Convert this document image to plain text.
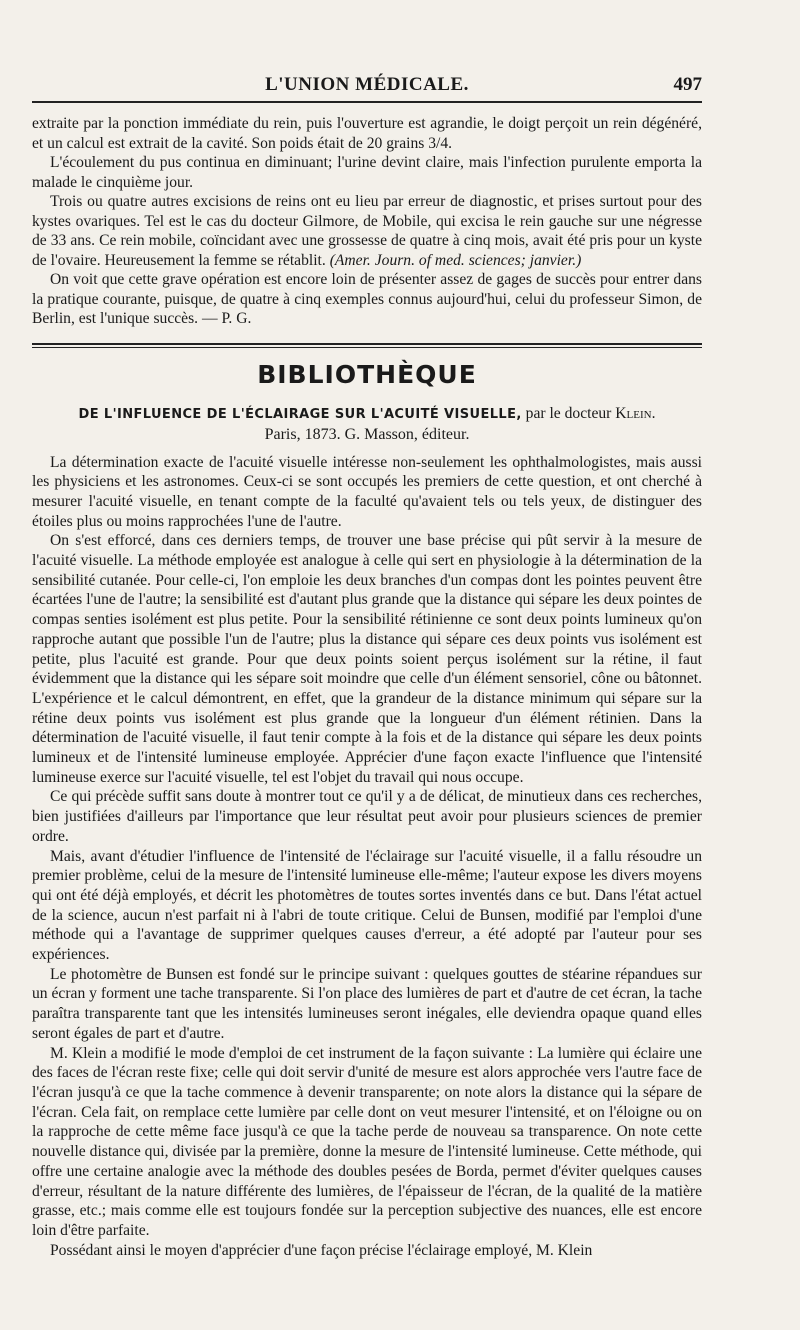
L'UNION MÉDICALE.	497

extraite par la ponction immédiate du rein, puis l'ouverture est agrandie, le doigt perçoit un rein dégénéré, et un calcul est extrait de la cavité. Son poids était de 20 grains 3/4.

L'écoulement du pus continua en diminuant; l'urine devint claire, mais l'infection purulente emporta la malade le cinquième jour.

Trois ou quatre autres excisions de reins ont eu lieu par erreur de diagnostic, et prises surtout pour des kystes ovariques. Tel est le cas du docteur Gilmore, de Mobile, qui excisa le rein gauche sur une négresse de 33 ans. Ce rein mobile, coïncidant avec une grossesse de quatre à cinq mois, avait été pris pour un kyste de l'ovaire. Heureusement la femme se rétablit. (Amer. Journ. of med. sciences; janvier.)

On voit que cette grave opération est encore loin de présenter assez de gages de succès pour entrer dans la pratique courante, puisque, de quatre à cinq exemples connus aujourd'hui, celui du professeur Simon, de Berlin, est l'unique succès. — P. G.

BIBLIOTHÈQUE
DE L'INFLUENCE DE L'ÉCLAIRAGE SUR L'ACUITÉ VISUELLE, par le docteur Klein.
Paris, 1873. G. Masson, éditeur.

La détermination exacte de l'acuité visuelle intéresse non-seulement les ophthalmologistes, mais aussi les physiciens et les astronomes. Ceux-ci se sont occupés les premiers de cette question, et ont cherché à mesurer l'acuité visuelle, en tenant compte de la faculté qu'avaient tels ou tels yeux, de distinguer des étoiles plus ou moins rapprochées l'une de l'autre.

On s'est efforcé, dans ces derniers temps, de trouver une base précise qui pût servir à la mesure de l'acuité visuelle. La méthode employée est analogue à celle qui sert en physiologie à la détermination de la sensibilité cutanée. Pour celle-ci, l'on emploie les deux branches d'un compas dont les pointes peuvent être écartées l'une de l'autre; la sensibilité est d'autant plus grande que la distance qui sépare les deux pointes de compas senties isolément est plus petite. Pour la sensibilité rétinienne ce sont deux points lumineux qu'on rapproche autant que possible l'un de l'autre; plus la distance qui sépare ces deux points vus isolément est petite, plus l'acuité est grande. Pour que deux points soient perçus isolément sur la rétine, il faut évidemment que la distance qui les sépare soit moindre que celle d'un élément sensoriel, cône ou bâtonnet. L'expérience et le calcul démontrent, en effet, que la grandeur de la distance minimum qui sépare sur la rétine deux points vus isolément est plus grande que la longueur d'un élément rétinien. Dans la détermination de l'acuité visuelle, il faut tenir compte à la fois et de la distance qui sépare les deux points lumineux et de l'intensité lumineuse employée. Apprécier d'une façon exacte l'influence que l'intensité lumineuse exerce sur l'acuité visuelle, tel est l'objet du travail qui nous occupe.

Ce qui précède suffit sans doute à montrer tout ce qu'il y a de délicat, de minutieux dans ces recherches, bien justifiées d'ailleurs par l'importance que leur résultat peut avoir pour plusieurs sciences de premier ordre.

Mais, avant d'étudier l'influence de l'intensité de l'éclairage sur l'acuité visuelle, il a fallu résoudre un premier problème, celui de la mesure de l'intensité lumineuse elle-même; l'auteur expose les divers moyens qui ont été déjà employés, et décrit les photomètres de toutes sortes inventés dans ce but. Dans l'état actuel de la science, aucun n'est parfait ni à l'abri de toute critique. Celui de Bunsen, modifié par l'emploi d'une méthode qui a l'avantage de supprimer quelques causes d'erreur, a été adopté par l'auteur pour ses expériences.

Le photomètre de Bunsen est fondé sur le principe suivant : quelques gouttes de stéarine répandues sur un écran y forment une tache transparente. Si l'on place des lumières de part et d'autre de cet écran, la tache paraîtra transparente tant que les intensités lumineuses seront inégales, elle deviendra opaque quand elles seront égales de part et d'autre.

M. Klein a modifié le mode d'emploi de cet instrument de la façon suivante : La lumière qui éclaire une des faces de l'écran reste fixe; celle qui doit servir d'unité de mesure est alors approchée vers l'autre face de l'écran jusqu'à ce que la tache commence à devenir transparente; on note alors la distance qui la sépare de l'écran. Cela fait, on remplace cette lumière par celle dont on veut mesurer l'intensité, et on l'éloigne ou on la rapproche de cette même face jusqu'à ce que la tache perde de nouveau sa transparence. On note cette nouvelle distance qui, divisée par la première, donne la mesure de l'intensité lumineuse. Cette méthode, qui offre une certaine analogie avec la méthode des doubles pesées de Borda, permet d'éviter quelques causes d'erreur, résultant de la nature différente des lumières, de l'épaisseur de l'écran, de la qualité de la matière grasse, etc.; mais comme elle est toujours fondée sur la perception subjective des nuances, elle est encore loin d'être parfaite.

Possédant ainsi le moyen d'apprécier d'une façon précise l'éclairage employé, M. Klein
